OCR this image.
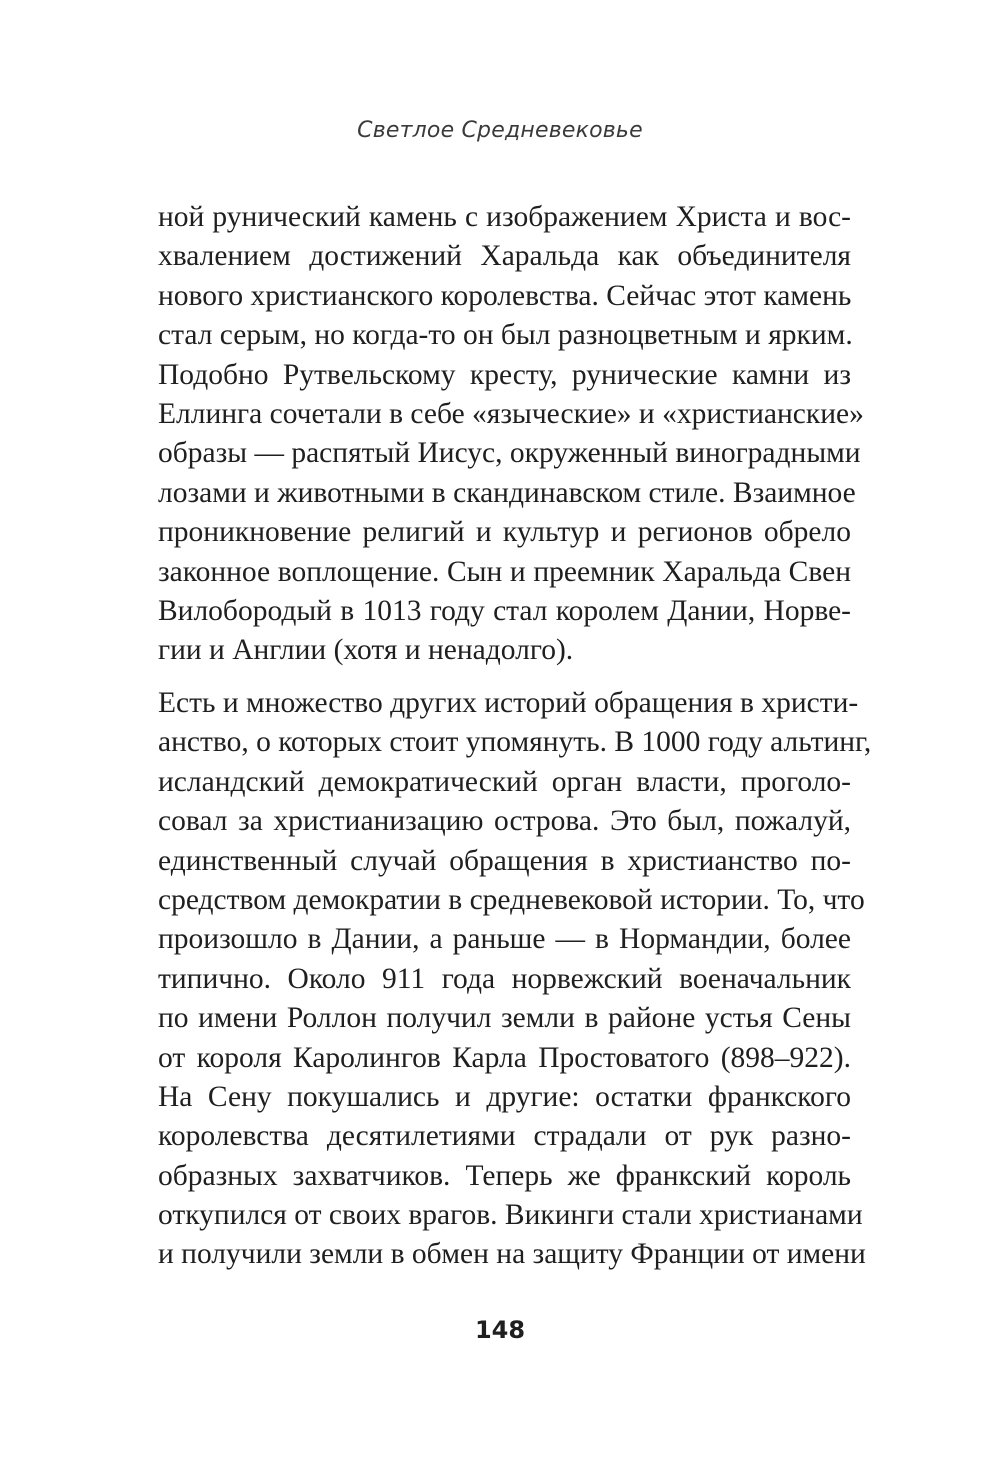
Светлое Средневековье
ной рунический камень с изображением Христа и вос-
хвалением достижений Харальда как объединителя
нового христианского королевства. Сейчас этот камень
стал серым, но когда-то он был разноцветным и ярким.
Подобно Рутвельскому кресту, рунические камни из
Еллинга сочетали в себе «языческие» и «христианские»
образы — распятый Иисус, окруженный виноградными
лозами и животными в скандинавском стиле. Взаимное
проникновение религий и культур и регионов обрело
законное воплощение. Сын и преемник Харальда Свен
Вилобородый в 1013 году стал королем Дании, Норве-
гии и Англии (хотя и ненадолго).
Есть и множество других историй обращения в христи-
анство, о которых стоит упомянуть. В 1000 году альтинг,
исландский демократический орган власти, проголо-
совал за христианизацию острова. Это был, пожалуй,
единственный случай обращения в христианство по-
средством демократии в средневековой истории. То, что
произошло в Дании, а раньше — в Нормандии, более
типично. Около 911 года норвежский военачальник
по имени Роллон получил земли в районе устья Сены
от короля Каролингов Карла Простоватого (898–922).
На Сену покушались и другие: остатки франкского
королевства десятилетиями страдали от рук разно-
образных захватчиков. Теперь же франкский король
откупился от своих врагов. Викинги стали христианами
и получили земли в обмен на защиту Франции от имени
148
